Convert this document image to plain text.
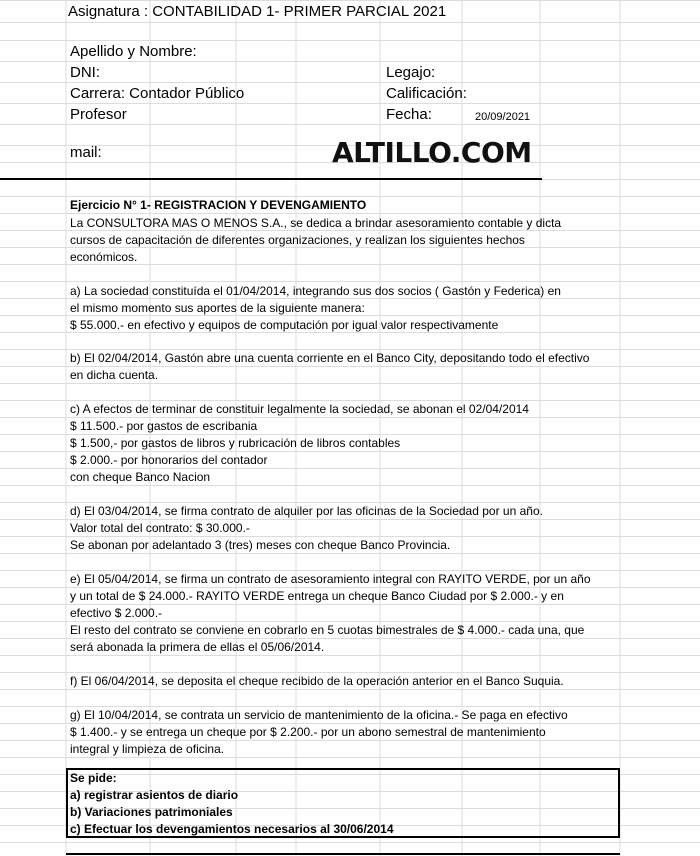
Asignatura : CONTABILIDAD 1- PRIMER PARCIAL 2021
Apellido y Nombre:
DNI:	Legajo:
Carrera: Contador Público	Calificación:
Profesor	Fecha:	20/09/2021
mail:	ALTILLO.COM
Ejercicio N° 1- REGISTRACION Y DEVENGAMIENTO
La CONSULTORA MAS O MENOS S.A., se dedica a brindar asesoramiento contable y dicta
cursos de capacitación de diferentes organizaciones, y realizan los siguientes hechos
económicos.
a) La sociedad constituída el 01/04/2014, integrando sus dos socios ( Gastón y Federica) en
el mismo momento sus aportes de la siguiente manera:
$ 55.000.- en efectivo y equipos de computación por igual valor respectivamente
b) El 02/04/2014, Gastón abre una cuenta corriente en el Banco City, depositando todo el efectivo
en dicha cuenta.
c) A efectos de terminar de constituir legalmente la sociedad, se abonan el 02/04/2014
$ 11.500.- por gastos de escribania
$ 1.500,- por gastos de libros y rubricación de libros contables
$ 2.000.- por honorarios del contador
con cheque Banco Nacion
d) El 03/04/2014, se firma contrato de alquiler por las oficinas de la Sociedad por un año.
Valor total del contrato: $ 30.000.-
Se abonan por adelantado 3 (tres) meses con cheque Banco Provincia.
e) El 05/04/2014, se firma un contrato de asesoramiento integral con RAYITO VERDE, por un año
y un total de $ 24.000.- RAYITO VERDE entrega un cheque Banco Ciudad por $ 2.000.- y en
efectivo $ 2.000.-
El resto del contrato se conviene en cobrarlo en 5 cuotas bimestrales de $ 4.000.- cada una, que
será abonada la primera de ellas el 05/06/2014.
f) El 06/04/2014, se deposita el cheque recibido de la operación anterior en el Banco Suquia.
g) El 10/04/2014, se contrata un servicio de mantenimiento de la oficina.- Se paga en efectivo
$ 1.400.- y se entrega un cheque por $ 2.200.- por un abono semestral de mantenimiento
integral y limpieza de oficina.
Se pide:
a) registrar asientos de diario
b) Variaciones patrimoniales
c) Efectuar los devengamientos necesarios al 30/06/2014
